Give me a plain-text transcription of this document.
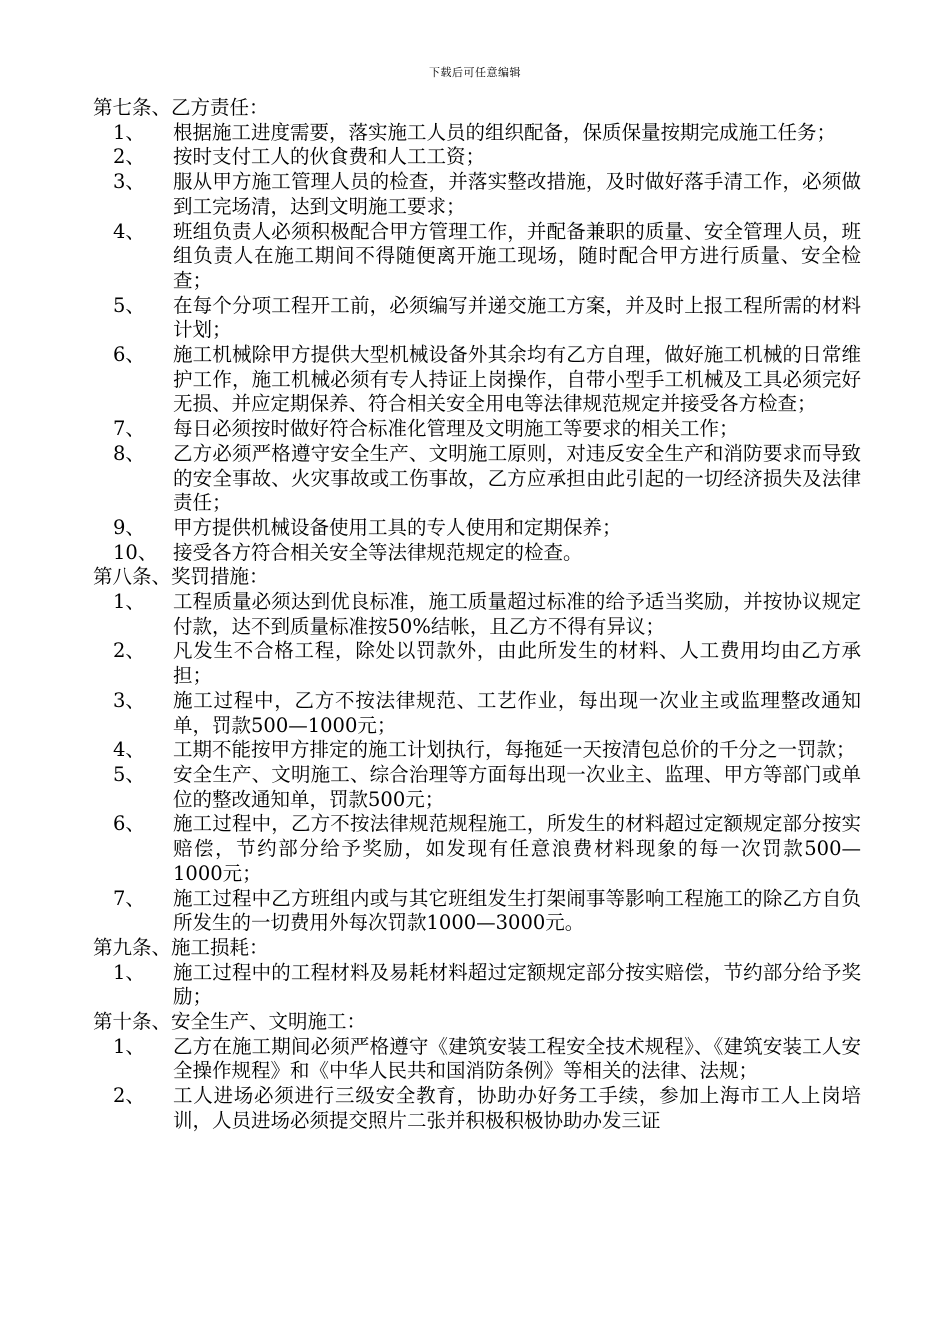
下载后可任意编辑
第七条、乙方责任：
1、	根据施工进度需要，落实施工人员的组织配备，保质保量按期完成施工任务；
2、	按时支付工人的伙食费和人工工资；
3、	服从甲方施工管理人员的检查，并落实整改措施，及时做好落手清工作，必须做到工完场清，达到文明施工要求；
4、	班组负责人必须积极配合甲方管理工作，并配备兼职的质量、安全管理人员，班组负责人在施工期间不得随便离开施工现场，随时配合甲方进行质量、安全检查；
5、	在每个分项工程开工前，必须编写并递交施工方案，并及时上报工程所需的材料计划；
6、	施工机械除甲方提供大型机械设备外其余均有乙方自理，做好施工机械的日常维护工作，施工机械必须有专人持证上岗操作，自带小型手工机械及工具必须完好无损、并应定期保养、符合相关安全用电等法律规范规定并接受各方检查；
7、	每日必须按时做好符合标准化管理及文明施工等要求的相关工作；
8、	乙方必须严格遵守安全生产、文明施工原则，对违反安全生产和消防要求而导致的安全事故、火灾事故或工伤事故，乙方应承担由此引起的一切经济损失及法律责任；
9、	甲方提供机械设备使用工具的专人使用和定期保养；
10、 接受各方符合相关安全等法律规范规定的检查。
第八条、奖罚措施：
1、	工程质量必须达到优良标准，施工质量超过标准的给予适当奖励，并按协议规定付款，达不到质量标准按50%结帐，且乙方不得有异议；
2、	凡发生不合格工程，除处以罚款外，由此所发生的材料、人工费用均由乙方承担；
3、	施工过程中，乙方不按法律规范、工艺作业，每出现一次业主或监理整改通知单，罚款500—1000元；
4、	工期不能按甲方排定的施工计划执行，每拖延一天按清包总价的千分之一罚款；
5、	安全生产、文明施工、综合治理等方面每出现一次业主、监理、甲方等部门或单位的整改通知单，罚款500元；
6、	施工过程中，乙方不按法律规范规程施工，所发生的材料超过定额规定部分按实赔偿，节约部分给予奖励，如发现有任意浪费材料现象的每一次罚款500—1000元；
7、	施工过程中乙方班组内或与其它班组发生打架闹事等影响工程施工的除乙方自负所发生的一切费用外每次罚款1000—3000元。
第九条、施工损耗：
1、	施工过程中的工程材料及易耗材料超过定额规定部分按实赔偿，节约部分给予奖励；
第十条、安全生产、文明施工：
1、	乙方在施工期间必须严格遵守《建筑安装工程安全技术规程》、《建筑安装工人安全操作规程》和《中华人民共和国消防条例》等相关的法律、法规；
2、	工人进场必须进行三级安全教育，协助办好务工手续，参加上海市工人上岗培训，人员进场必须提交照片二张并积极积极协助办发三证
